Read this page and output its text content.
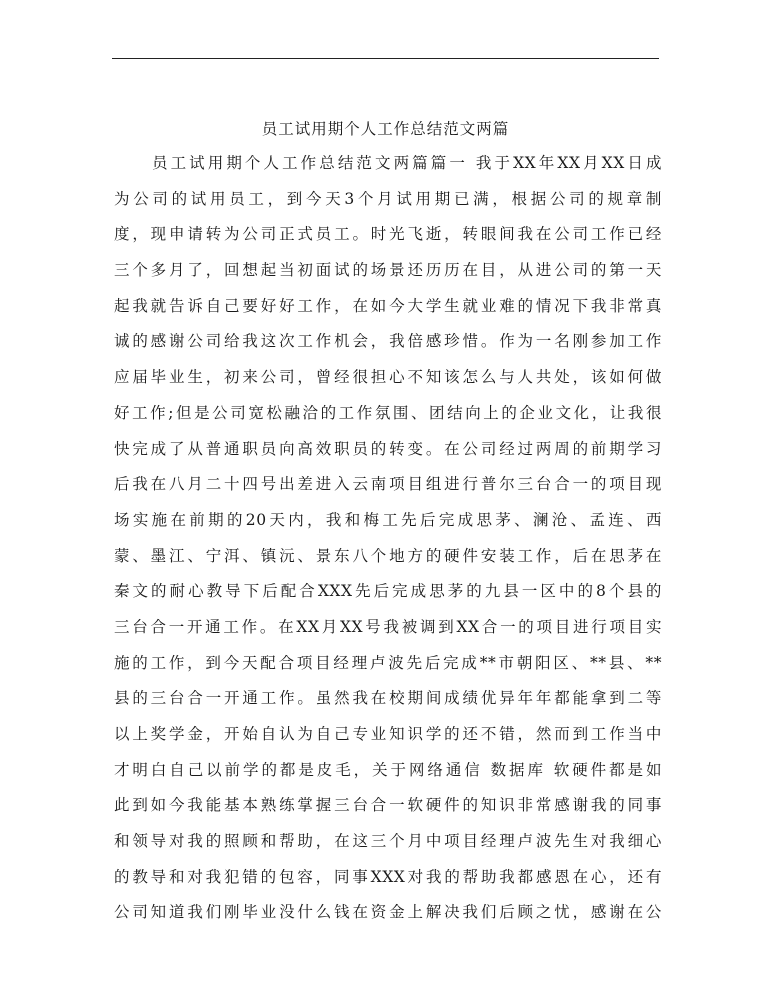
员工试用期个人工作总结范文两篇
员工试用期个人工作总结范文两篇篇一 我于XX年XX月XX日成
为公司的试用员工，到今天3个月试用期已满，根据公司的规章制
度，现申请转为公司正式员工。时光飞逝，转眼间我在公司工作已经
三个多月了，回想起当初面试的场景还历历在目，从进公司的第一天
起我就告诉自己要好好工作，在如今大学生就业难的情况下我非常真
诚的感谢公司给我这次工作机会，我倍感珍惜。作为一名刚参加工作
应届毕业生，初来公司，曾经很担心不知该怎么与人共处，该如何做
好工作;但是公司宽松融洽的工作氛围、团结向上的企业文化，让我很
快完成了从普通职员向高效职员的转变。在公司经过两周的前期学习
后我在八月二十四号出差进入云南项目组进行普尔三台合一的项目现
场实施在前期的20天内，我和梅工先后完成思茅、澜沧、孟连、西
蒙、墨江、宁洱、镇沅、景东八个地方的硬件安装工作，后在思茅在
秦文的耐心教导下后配合XXX先后完成思茅的九县一区中的8个县的
三台合一开通工作。在XX月XX号我被调到XX合一的项目进行项目实
施的工作，到今天配合项目经理卢波先后完成**市朝阳区、**县、**
县的三台合一开通工作。虽然我在校期间成绩优异年年都能拿到二等
以上奖学金，开始自认为自己专业知识学的还不错，然而到工作当中
才明白自己以前学的都是皮毛，关于网络通信 数据库 软硬件都是如
此到如今我能基本熟练掌握三台合一软硬件的知识非常感谢我的同事
和领导对我的照顾和帮助，在这三个月中项目经理卢波先生对我细心
的教导和对我犯错的包容，同事XXX对我的帮助我都感恩在心，还有
公司知道我们刚毕业没什么钱在资金上解决我们后顾之忧，感谢在公
